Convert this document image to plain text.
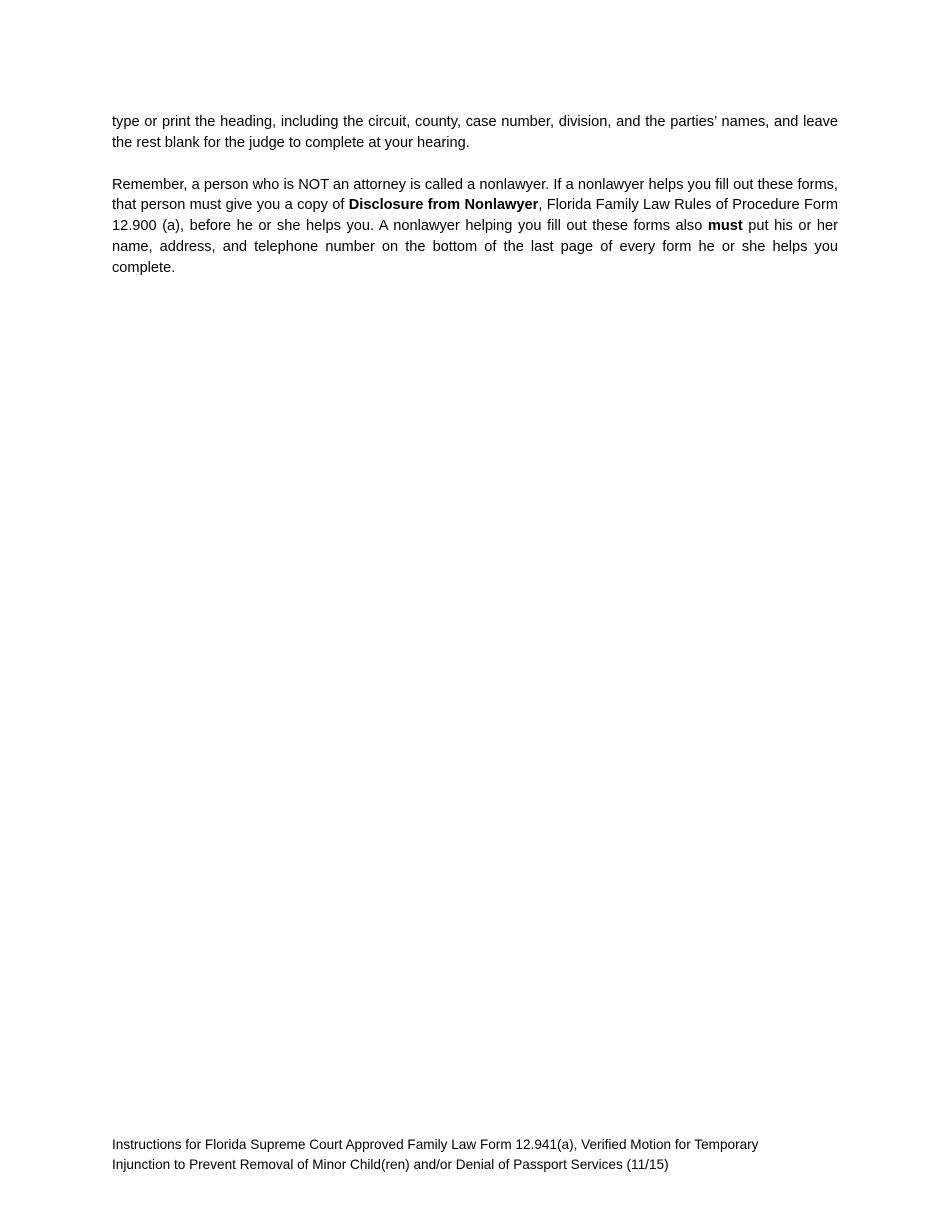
type or print the heading, including the circuit, county, case number, division, and the parties’ names, and leave the rest blank for the judge to complete at your hearing.

Remember, a person who is NOT an attorney is called a nonlawyer. If a nonlawyer helps you fill out these forms, that person must give you a copy of Disclosure from Nonlawyer, Florida Family Law Rules of Procedure Form 12.900 (a), before he or she helps you. A nonlawyer helping you fill out these forms also must put his or her name, address, and telephone number on the bottom of the last page of every form he or she helps you complete.

Instructions for Florida Supreme Court Approved Family Law Form 12.941(a), Verified Motion for Temporary

Injunction to Prevent Removal of Minor Child(ren) and/or Denial of Passport Services (11/15)
